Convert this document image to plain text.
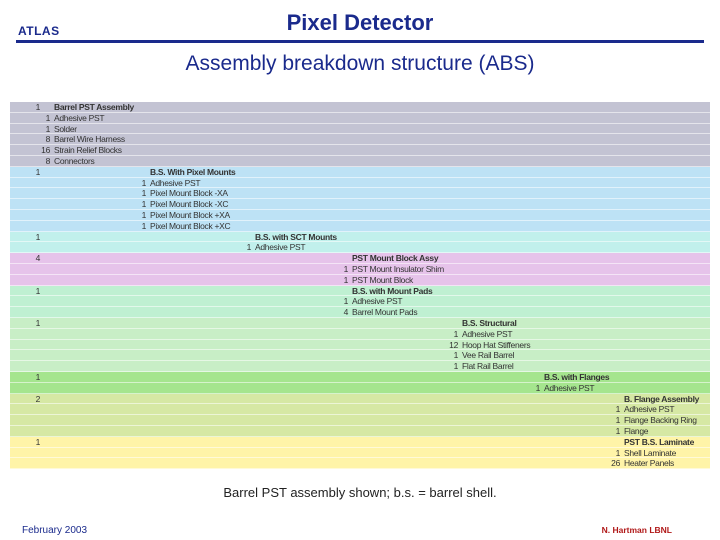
ATLAS	Pixel Detector
Assembly breakdown structure (ABS)
1 Barrel PST Assembly
1 Adhesive PST
1 Solder
8 Barrel Wire Harness
16 Strain Relief Blocks
8 Connectors
1	B.S. With Pixel Mounts
1 Adhesive PST
1 Pixel Mount Block -XA
1 Pixel Mount Block -XC
1 Pixel Mount Block +XA
1 Pixel Mount Block +XC
1	B.S. with SCT Mounts
1 Adhesive PST
4	PST Mount Block Assy
1 PST Mount Insulator Shim
1 PST Mount Block
1	B.S. with Mount Pads
1 Adhesive PST
4 Barrel Mount Pads
1	B.S. Structural
1 Adhesive PST
12 Hoop Hat Stiffeners
1 Vee Rail Barrel
1 Flat Rail Barrel
1	B.S. with Flanges
1 Adhesive PST
2	B. Flange Assembly
1 Adhesive PST
1 Flange Backing Ring
1 Flange
1	PST B.S. Laminate
1 Shell Laminate
26 Heater Panels
Barrel PST assembly shown; b.s. = barrel shell.
February 2003	N. Hartman LBNL
